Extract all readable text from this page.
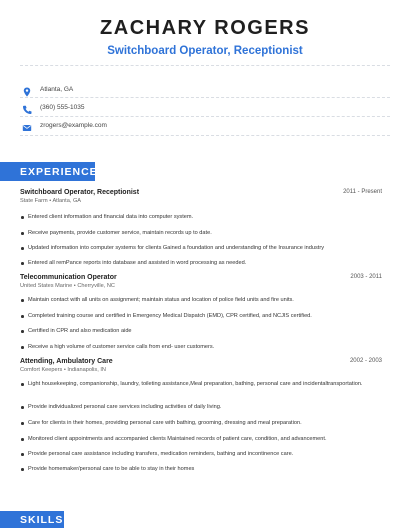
ZACHARY ROGERS
Switchboard Operator, Receptionist
Atlanta, GA
(360) 555-1035
zrogers@example.com
EXPERIENCE
Switchboard Operator, Receptionist	2011 - Present
State Farm • Atlanta, GA
Entered client information and financial data into computer system.
Receive payments, provide customer service, maintain records up to date.
Updated information into computer systems for clients Gained a foundation and understanding of the Insurance industry
Entered all remPance reports into database and assisted in word processing as needed.
Telecommunication Operator	2003 - 2011
United States Marine • Cherryville, NC
Maintain contact with all units on assignment; maintain status and location of police field units and fire units.
Completed training course and certified in Emergency Medical Dispatch (EMD), CPR certified, and NCJIS certified.
Certified in CPR and also medication aide
Receive a high volume of customer service calls from end- user customers.
Attending, Ambulatory Care	2002 - 2003
Comfort Keepers • Indianapolis, IN
Light housekeeping, companionship, laundry, toileting assistance,Meal preparation, bathing, personal care and incidentaltransportation.
Provide individualized personal care services including activities of daily living.
Care for clients in their homes, providing personal care with bathing, grooming, dressing and meal preparation.
Monitored client appointments and accompanied clients Maintained records of patient care, condition, and advancement.
Provide personal care assistance including transfers, medication reminders, bathing and incontinence care.
Provide homemaker/personal care to be able to stay in their homes
SKILLS
